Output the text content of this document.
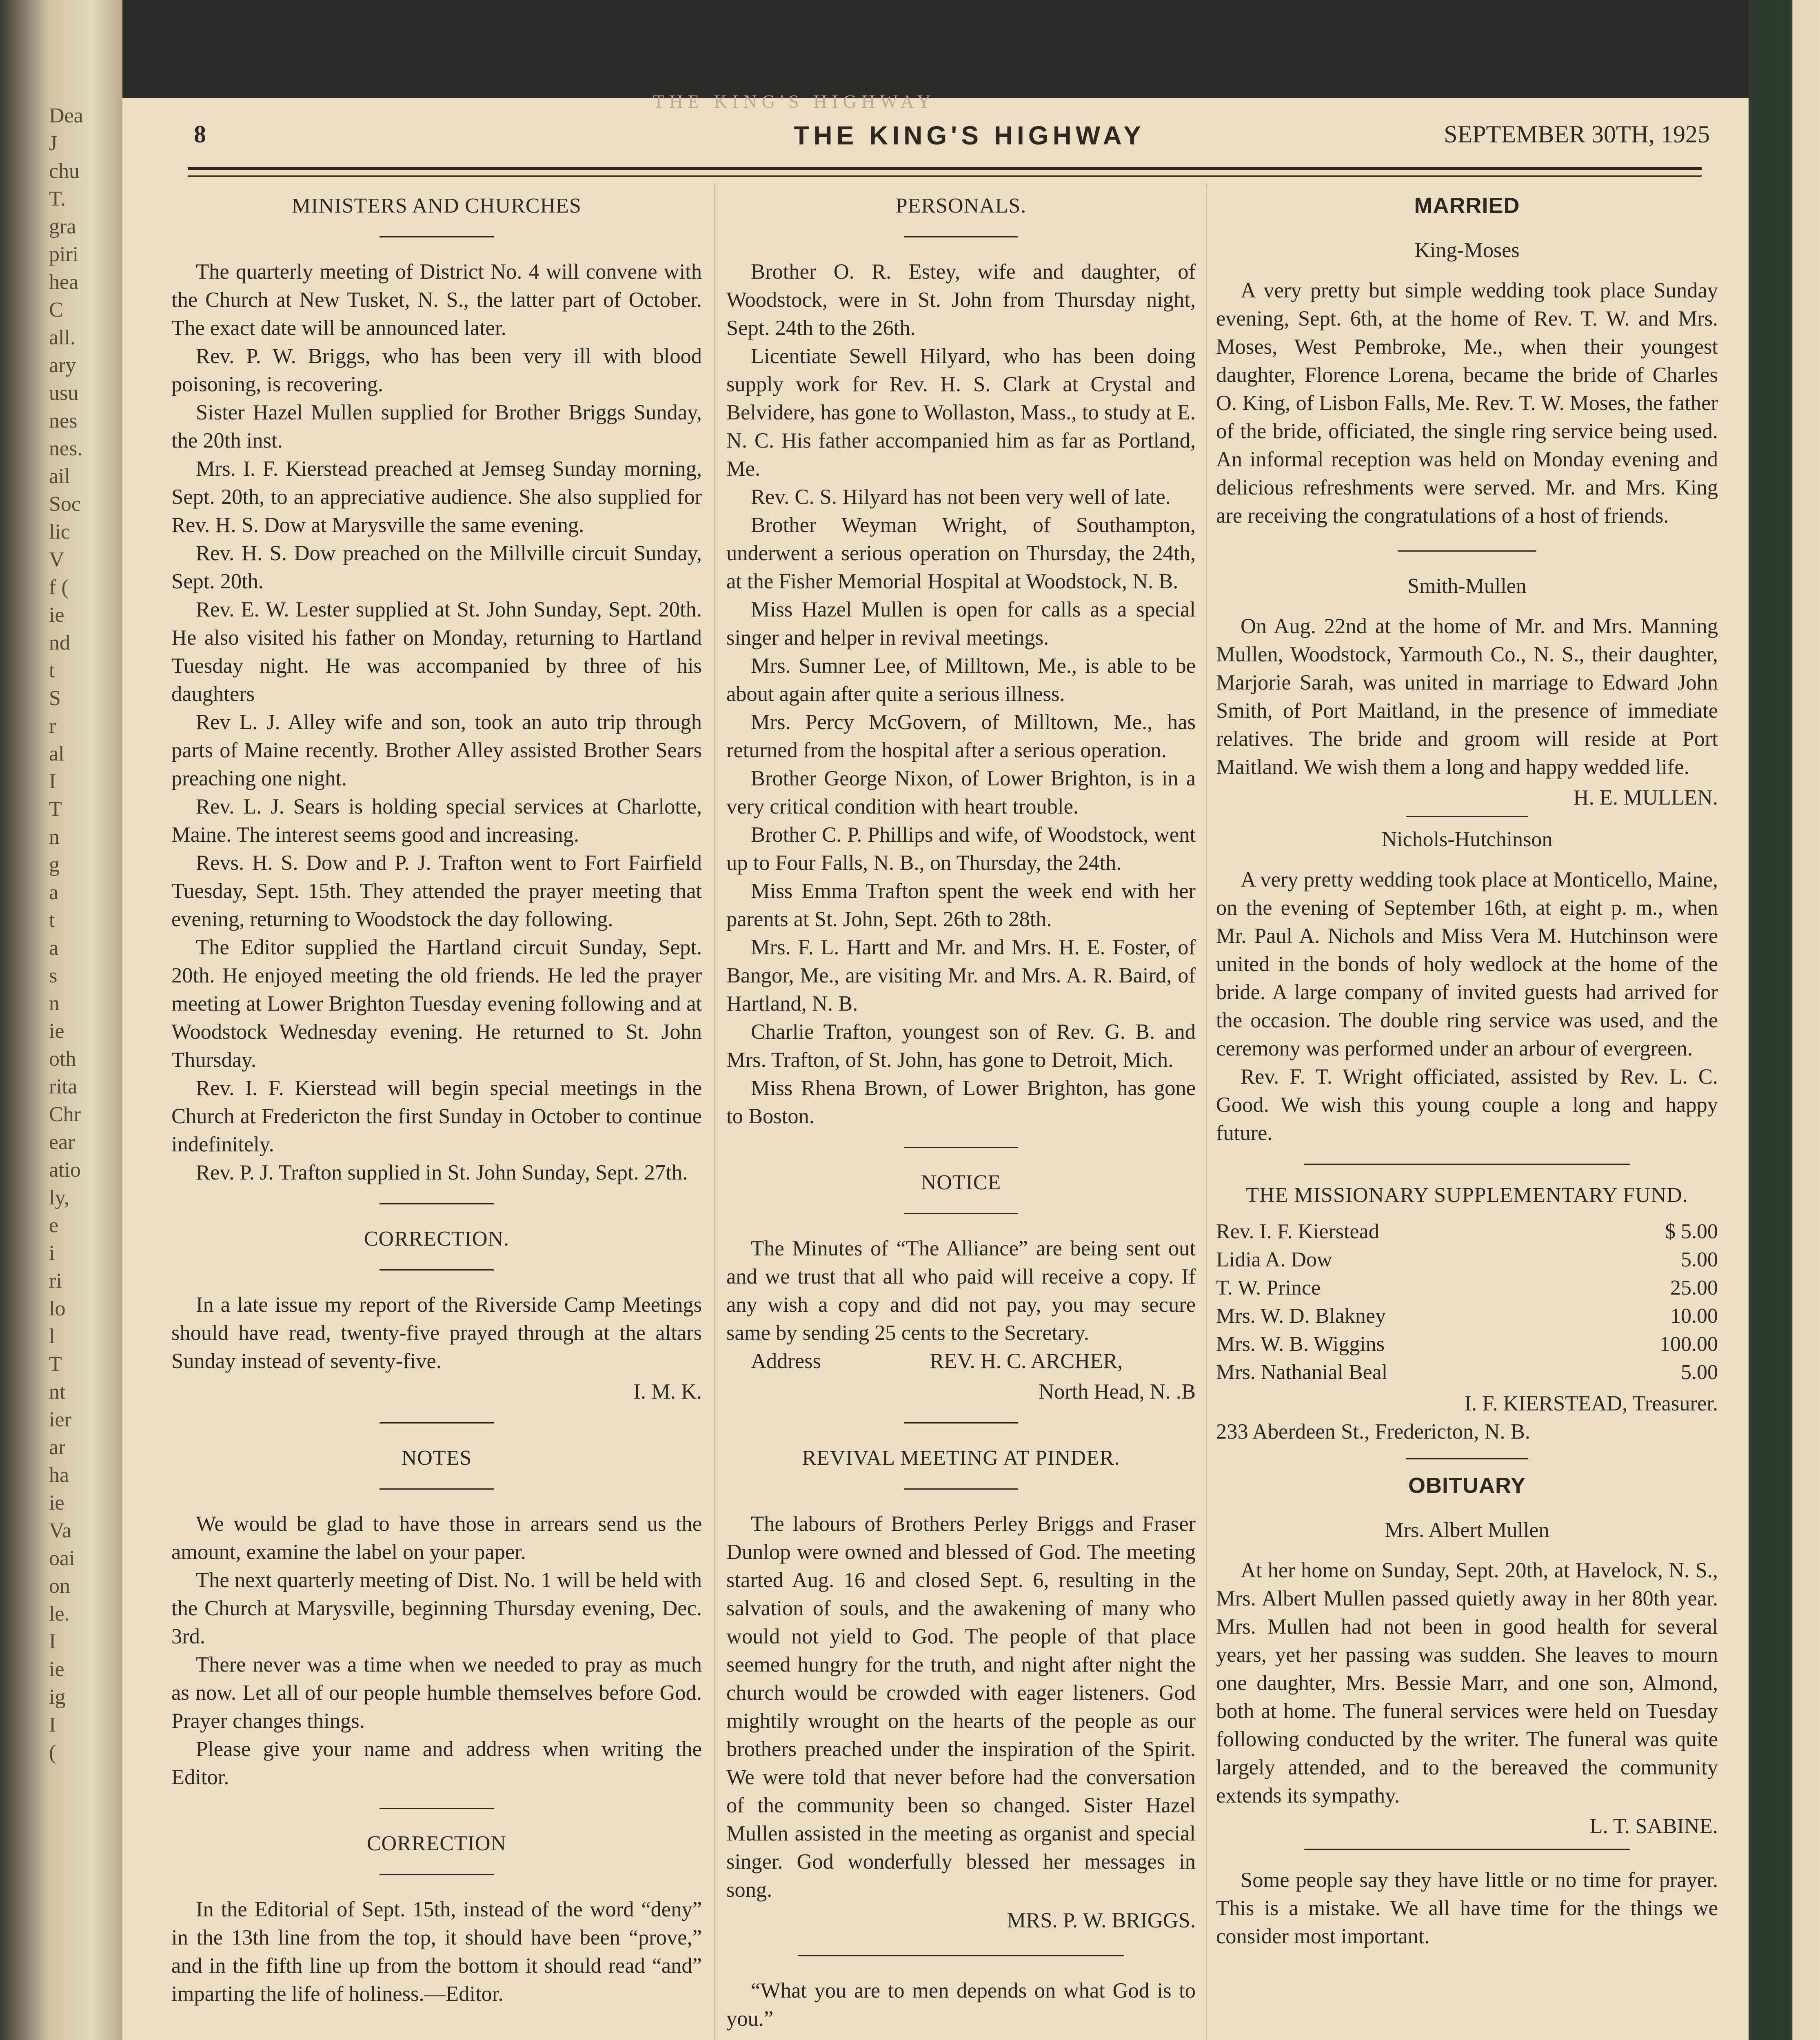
Dea
J
chu
T.
gra
piri
hea
C
all.
ary
usu
nes
nes.
ail
Soc
lic
V
f (
ie
nd
t
S
r
al
I
T
n
g
a
t
a
s
n
ie
oth
rita
Chr
ear
atio
ly,
e
i
ri
lo
l
T
nt
ier
ar
ha
ie
Va
oai
on
le.
I
ie
ig
I
(
THE KING'S HIGHWAY
8	THE KING'S HIGHWAY	SEPTEMBER 30TH, 1925
MINISTERS AND CHURCHES

The quarterly meeting of District No. 4 will convene with the Church at New Tusket, N. S., the latter part of October. The exact date will be announced later.

Rev. P. W. Briggs, who has been very ill with blood poisoning, is recovering.

Sister Hazel Mullen supplied for Brother Briggs Sunday, the 20th inst.

Mrs. I. F. Kierstead preached at Jemseg Sunday morning, Sept. 20th, to an appreciative audience. She also supplied for Rev. H. S. Dow at Marysville the same evening.

Rev. H. S. Dow preached on the Millville circuit Sunday, Sept. 20th.

Rev. E. W. Lester supplied at St. John Sunday, Sept. 20th. He also visited his father on Monday, returning to Hartland Tuesday night. He was accompanied by three of his daughters

Rev L. J. Alley wife and son, took an auto trip through parts of Maine recently. Brother Alley assisted Brother Sears preaching one night.

Rev. L. J. Sears is holding special services at Charlotte, Maine. The interest seems good and increasing.

Revs. H. S. Dow and P. J. Trafton went to Fort Fairfield Tuesday, Sept. 15th. They attended the prayer meeting that evening, returning to Woodstock the day following.

The Editor supplied the Hartland circuit Sunday, Sept. 20th. He enjoyed meeting the old friends. He led the prayer meeting at Lower Brighton Tuesday evening following and at Woodstock Wednesday evening. He returned to St. John Thursday.

Rev. I. F. Kierstead will begin special meetings in the Church at Fredericton the first Sunday in October to continue indefinitely.

Rev. P. J. Trafton supplied in St. John Sunday, Sept. 27th.

CORRECTION.

In a late issue my report of the Riverside Camp Meetings should have read, twenty-five prayed through at the altars Sunday instead of seventy-five.

I. M. K.
NOTES

We would be glad to have those in arrears send us the amount, examine the label on your paper.

The next quarterly meeting of Dist. No. 1 will be held with the Church at Marysville, beginning Thursday evening, Dec. 3rd.

There never was a time when we needed to pray as much as now. Let all of our people humble themselves before God. Prayer changes things.

Please give your name and address when writing the Editor.

CORRECTION

In the Editorial of Sept. 15th, instead of the word “deny” in the 13th line from the top, it should have been “prove,” and in the fifth line up from the bottom it should read “and” imparting the life of holiness.—Editor.

PERSONALS.

Brother O. R. Estey, wife and daughter, of Woodstock, were in St. John from Thursday night, Sept. 24th to the 26th.

Licentiate Sewell Hilyard, who has been doing supply work for Rev. H. S. Clark at Crystal and Belvidere, has gone to Wollaston, Mass., to study at E. N. C. His father accompanied him as far as Portland, Me.

Rev. C. S. Hilyard has not been very well of late.

Brother Weyman Wright, of Southampton, underwent a serious operation on Thursday, the 24th, at the Fisher Memorial Hospital at Woodstock, N. B.

Miss Hazel Mullen is open for calls as a special singer and helper in revival meetings.

Mrs. Sumner Lee, of Milltown, Me., is able to be about again after quite a serious illness.

Mrs. Percy McGovern, of Milltown, Me., has returned from the hospital after a serious operation.

Brother George Nixon, of Lower Brighton, is in a very critical condition with heart trouble.

Brother C. P. Phillips and wife, of Woodstock, went up to Four Falls, N. B., on Thursday, the 24th.

Miss Emma Trafton spent the week end with her parents at St. John, Sept. 26th to 28th.

Mrs. F. L. Hartt and Mr. and Mrs. H. E. Foster, of Bangor, Me., are visiting Mr. and Mrs. A. R. Baird, of Hartland, N. B.

Charlie Trafton, youngest son of Rev. G. B. and Mrs. Trafton, of St. John, has gone to Detroit, Mich.

Miss Rhena Brown, of Lower Brighton, has gone to Boston.

NOTICE

The Minutes of “The Alliance” are being sent out and we trust that all who paid will receive a copy. If any wish a copy and did not pay, you may secure same by sending 25 cents to the Secretary.

Address	REV. H. C. ARCHER,

North Head, N. .B
REVIVAL MEETING AT PINDER.

The labours of Brothers Perley Briggs and Fraser Dunlop were owned and blessed of God. The meeting started Aug. 16 and closed Sept. 6, resulting in the salvation of souls, and the awakening of many who would not yield to God. The people of that place seemed hungry for the truth, and night after night the church would be crowded with eager listeners. God mightily wrought on the hearts of the people as our brothers preached under the inspiration of the Spirit. We were told that never before had the conversation of the community been so changed. Sister Hazel Mullen assisted in the meeting as organist and special singer. God wonderfully blessed her messages in song.

MRS. P. W. BRIGGS.

“What you are to men depends on what God is to you.”

MARRIED
King-Moses

A very pretty but simple wedding took place Sunday evening, Sept. 6th, at the home of Rev. T. W. and Mrs. Moses, West Pembroke, Me., when their youngest daughter, Florence Lorena, became the bride of Charles O. King, of Lisbon Falls, Me. Rev. T. W. Moses, the father of the bride, officiated, the single ring service being used. An informal reception was held on Monday evening and delicious refreshments were served. Mr. and Mrs. King are receiving the congratulations of a host of friends.

Smith-Mullen

On Aug. 22nd at the home of Mr. and Mrs. Manning Mullen, Woodstock, Yarmouth Co., N. S., their daughter, Marjorie Sarah, was united in marriage to Edward John Smith, of Port Maitland, in the presence of immediate relatives. The bride and groom will reside at Port Maitland. We wish them a long and happy wedded life.

H. E. MULLEN.
Nichols-Hutchinson

A very pretty wedding took place at Monticello, Maine, on the evening of September 16th, at eight p. m., when Mr. Paul A. Nichols and Miss Vera M. Hutchinson were united in the bonds of holy wedlock at the home of the bride. A large company of invited guests had arrived for the occasion. The double ring service was used, and the ceremony was performed under an arbour of evergreen.

Rev. F. T. Wright officiated, assisted by Rev. L. C. Good. We wish this young couple a long and happy future.

THE MISSIONARY SUPPLEMENTARY FUND.
Rev. I. F. Kierstead		$ 5.00
Lidia A. Dow		5.00
T. W. Prince		25.00
Mrs. W. D. Blakney		10.00
Mrs. W. B. Wiggins		100.00
Mrs. Nathanial Beal		5.00
I. F. KIERSTEAD, Treasurer.

233 Aberdeen St., Fredericton, N. B.

OBITUARY
Mrs. Albert Mullen

At her home on Sunday, Sept. 20th, at Havelock, N. S., Mrs. Albert Mullen passed quietly away in her 80th year. Mrs. Mullen had not been in good health for several years, yet her passing was sudden. She leaves to mourn one daughter, Mrs. Bessie Marr, and one son, Almond, both at home. The funeral services were held on Tuesday following conducted by the writer. The funeral was quite largely attended, and to the bereaved the community extends its sympathy.

L. T. SABINE.

Some people say they have little or no time for prayer. This is a mistake. We all have time for the things we consider most important.
